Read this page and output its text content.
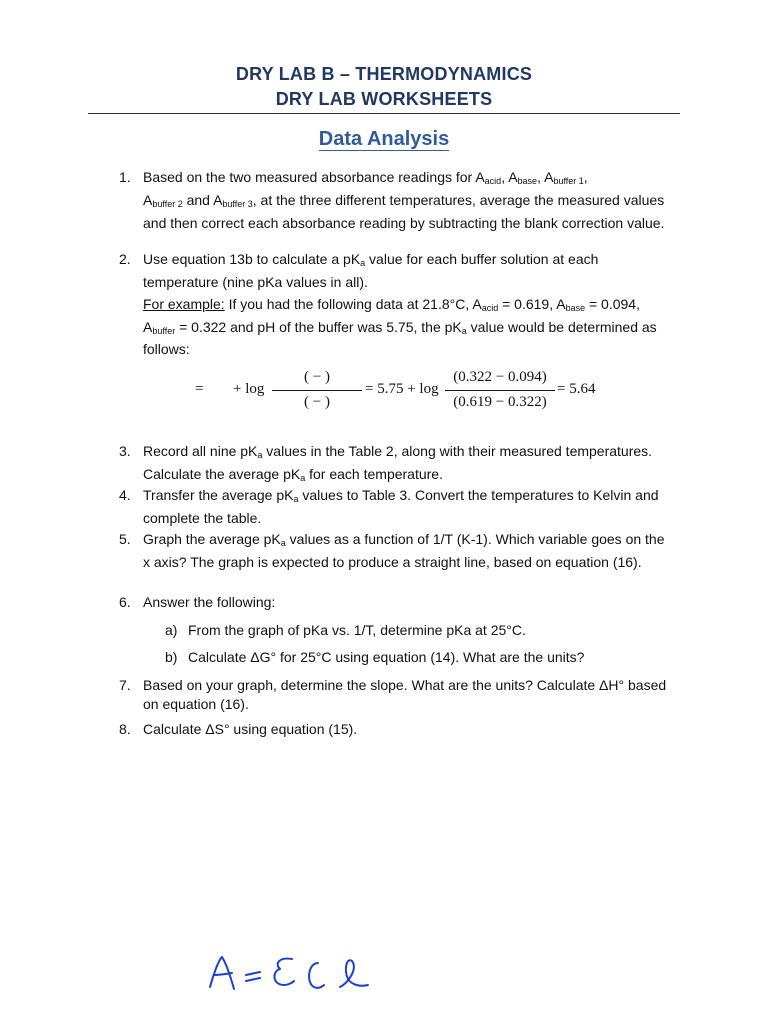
DRY LAB B – THERMODYNAMICS
DRY LAB WORKSHEETS
Data Analysis
1. Based on the two measured absorbance readings for $A_{acid}$, $A_{base}$, $A_{buffer 1}$,
$A_{buffer 2}$ and $A_{buffer 3}$, at the three different temperatures, average the measured values and then correct each absorbance reading by subtracting the blank correction value.
2. Use equation 13b to calculate a $pK_a$ value for each buffer solution at each temperature (nine pKa values in all).
For example: If you had the following data at 21.8°C, $A_{acid} = 0.619$, $A_{base} = 0.094$, $A_{buffer} = 0.322$ and pH of the buffer was 5.75, the $pK_a$ value would be determined as follows:
= + log
( − )
( − )
= 5.75 + log
(0.322 − 0.094)
(0.619 − 0.322)
= 5.64
3. Record all nine $pK_a$ values in the Table 2, along with their measured temperatures. Calculate the average $pK_a$ for each temperature.
4. Transfer the average $pK_a$ values to Table 3. Convert the temperatures to Kelvin and complete the table.
5. Graph the average $pK_a$ values as a function of 1/T (K-1). Which variable goes on the x axis? The graph is expected to produce a straight line, based on equation (16).
6. Answer the following:
a) From the graph of pKa vs. 1/T, determine pKa at 25°C.
b) Calculate ΔG° for 25°C using equation (14). What are the units?
7. Based on your graph, determine the slope. What are the units? Calculate ΔH° based on equation (16).
8. Calculate ΔS° using equation (15).
